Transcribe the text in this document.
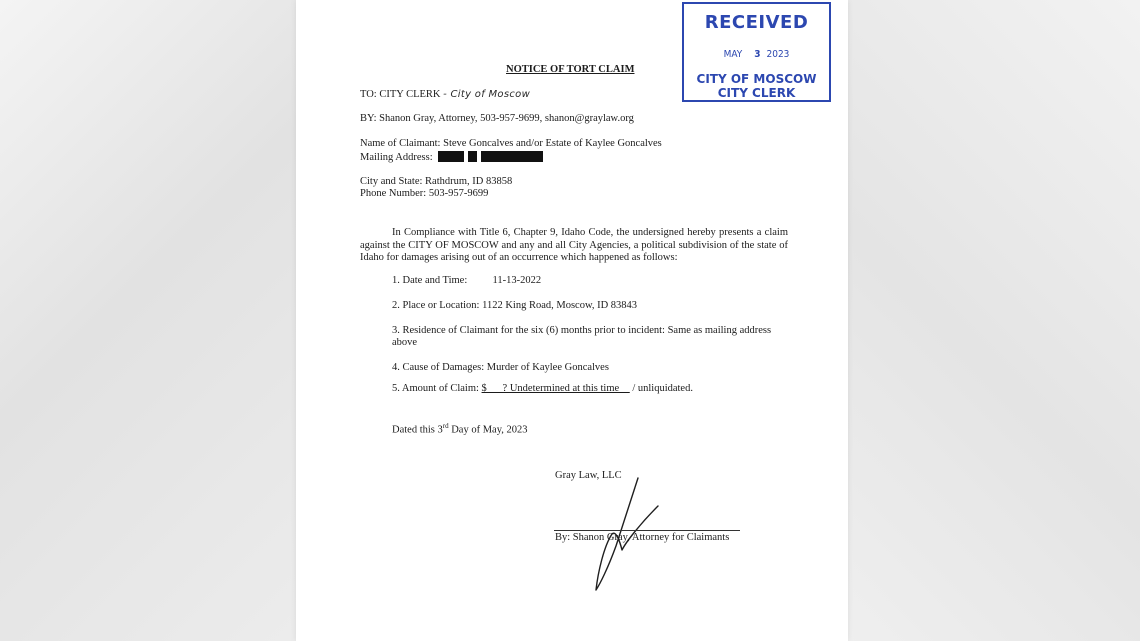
RECEIVED
MAY 3 2023
CITY OF MOSCOW
CITY CLERK
NOTICE OF TORT CLAIM
TO: CITY CLERK - City of Moscow
BY: Shanon Gray, Attorney, 503-957-9699, shanon@graylaw.org
Name of Claimant: Steve Goncalves and/or Estate of Kaylee Goncalves
Mailing Address:
City and State: Rathdrum, ID 83858
Phone Number: 503-957-9699
In Compliance with Title 6, Chapter 9, Idaho Code, the undersigned hereby presents a claim against the CITY OF MOSCOW and any and all City Agencies, a political subdivision of the state of Idaho for damages arising out of an occurrence which happened as follows:
1. Date and Time: 11-13-2022
2. Place or Location: 1122 King Road, Moscow, ID 83843
3. Residence of Claimant for the six (6) months prior to incident: Same as mailing address
above
4. Cause of Damages: Murder of Kaylee Goncalves
5. Amount of Claim: $___? Undetermined at this time__ / unliquidated.
Dated this 3rd Day of May, 2023
Gray Law, LLC
By: Shanon Gray, Attorney for Claimants
